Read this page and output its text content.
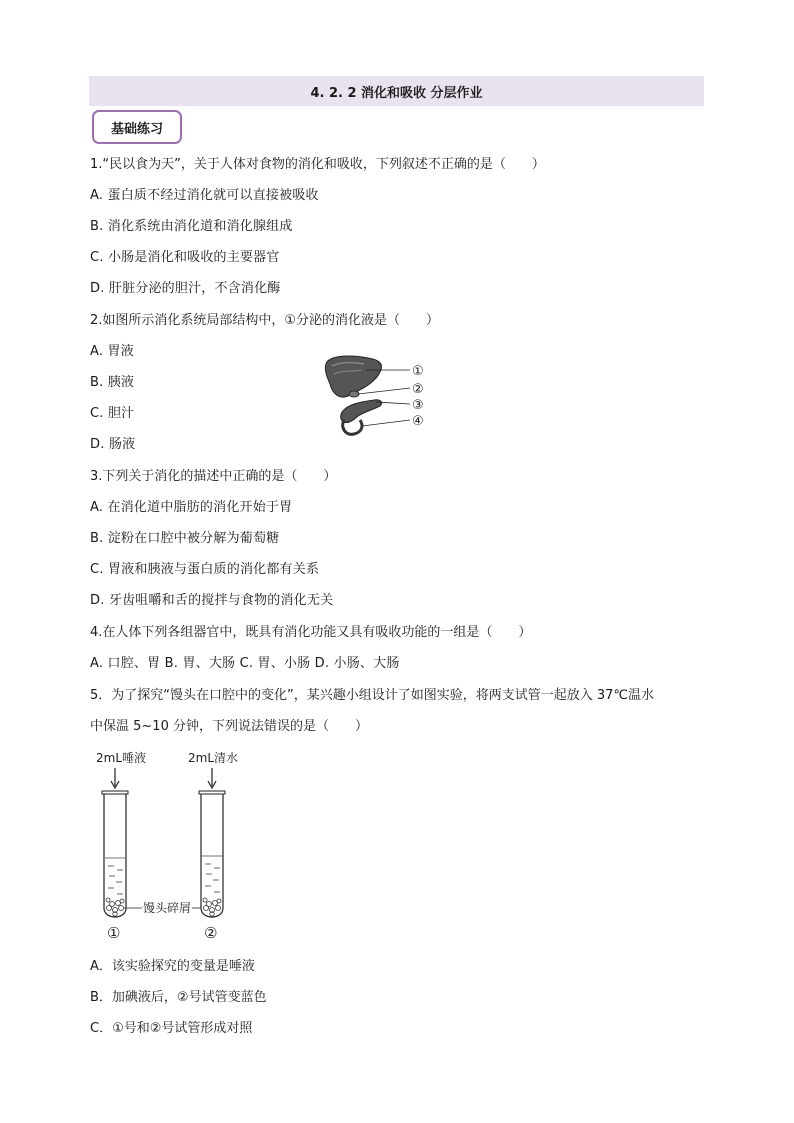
4. 2. 2 消化和吸收 分层作业
基础练习
1.“民以食为天”，关于人体对食物的消化和吸收，下列叙述不正确的是（　　）
A. 蛋白质不经过消化就可以直接被吸收
B. 消化系统由消化道和消化腺组成
C. 小肠是消化和吸收的主要器官
D. 肝脏分泌的胆汁，不含消化酶
2.如图所示消化系统局部结构中，①分泌的消化液是（　　）
A. 胃液
B. 胰液
C. 胆汁
D. 肠液
①
②
③
④
3.下列关于消化的描述中正确的是（　　）
A. 在消化道中脂肪的消化开始于胃
B. 淀粉在口腔中被分解为葡萄糖
C. 胃液和胰液与蛋白质的消化都有关系
D. 牙齿咀嚼和舌的搅拌与食物的消化无关
4.在人体下列各组器官中，既具有消化功能又具有吸收功能的一组是（　　）
A. 口腔、胃 B. 胃、大肠 C. 胃、小肠 D. 小肠、大肠
5．为了探究“馒头在口腔中的变化”，某兴趣小组设计了如图实验，将两支试管一起放入 37℃温水
中保温 5~10 分钟，下列说法错误的是（　　）
2mL唾液	2mL清水
馒头碎屑
①	②
A．该实验探究的变量是唾液
B．加碘液后，②号试管变蓝色
C．①号和②号试管形成对照
